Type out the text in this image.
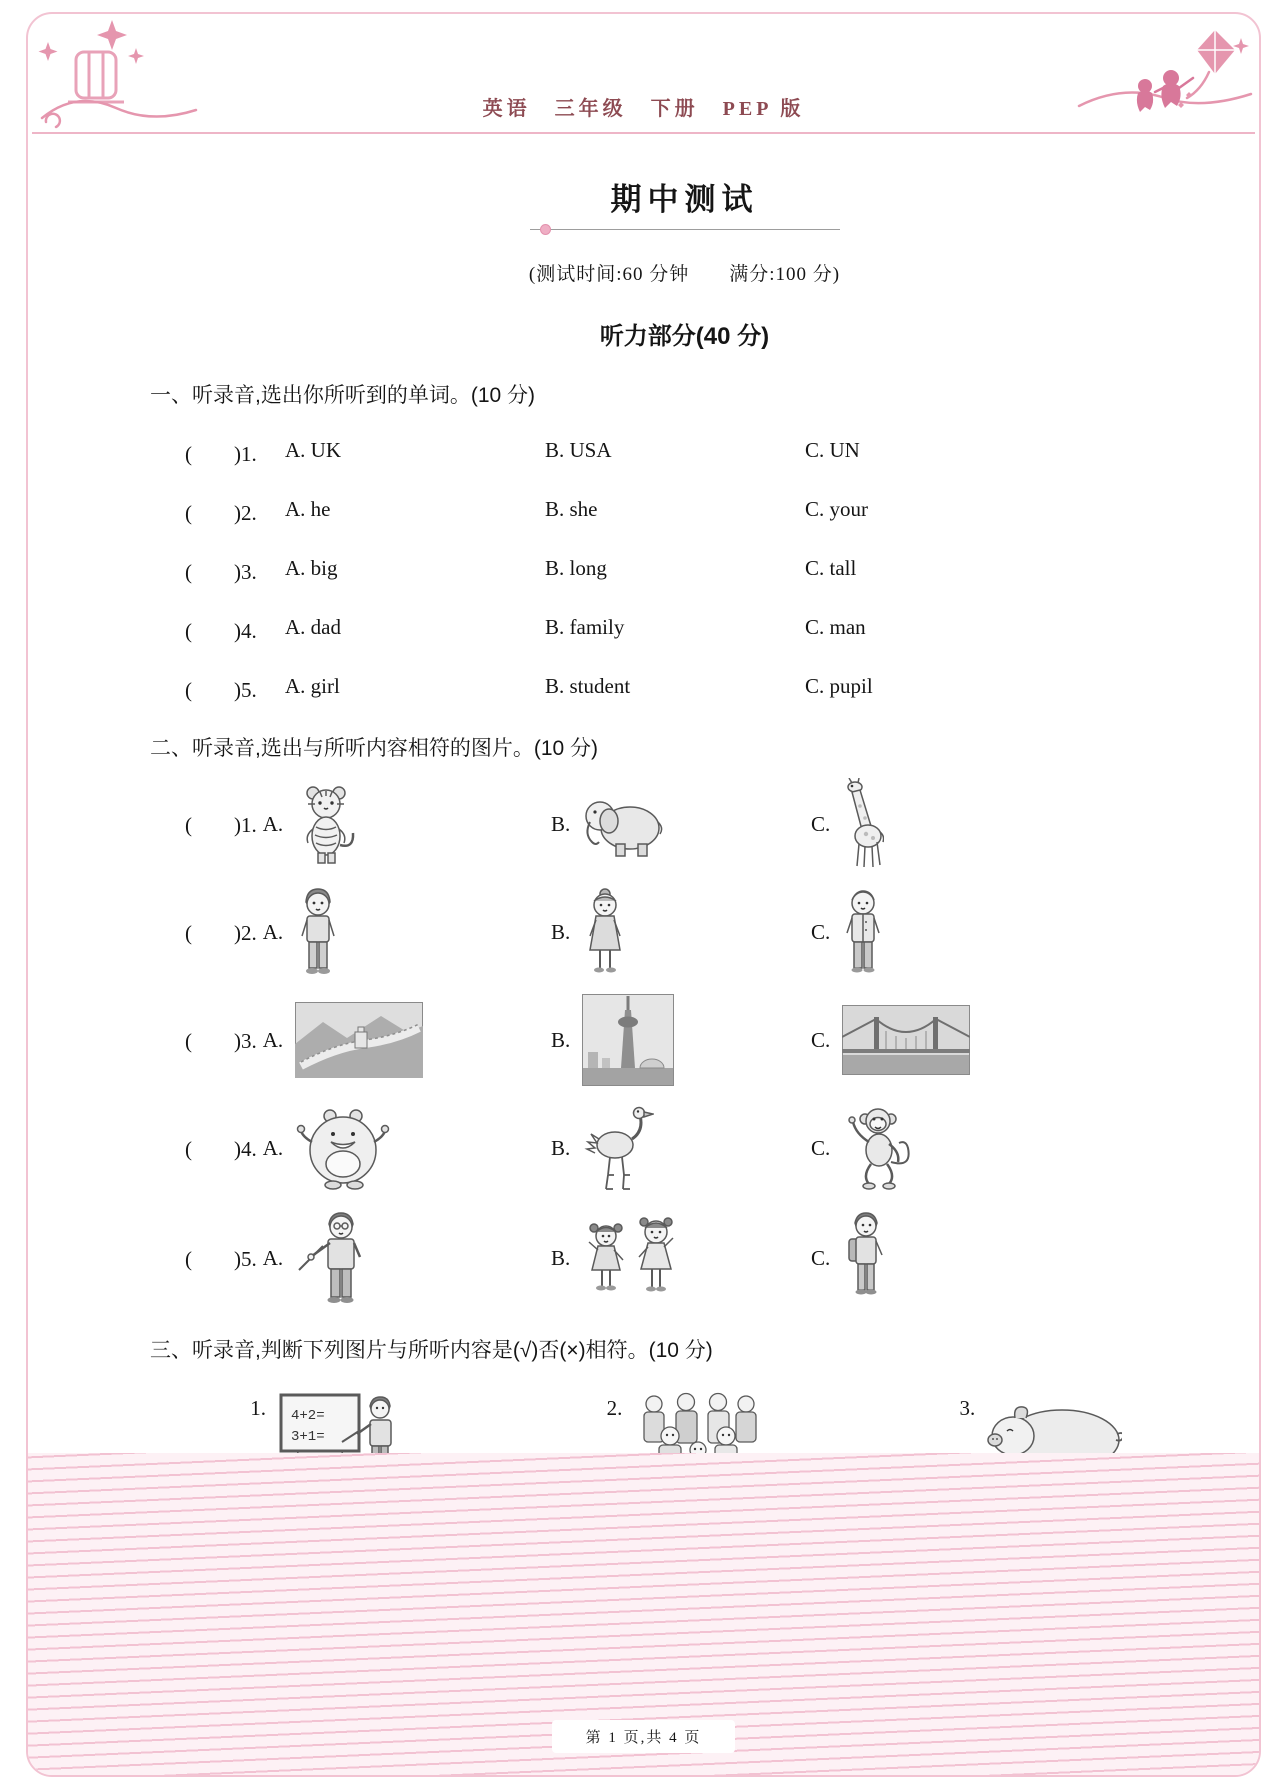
英语　三年级　下册　PEP 版
期中测试
(测试时间:60 分钟　　满分:100 分)
听力部分(40 分)
一、听录音,选出你所听到的单词。(10 分)
(　　)1.	A. UK	B. USA	C. UN
(　　)2.	A. he	B. she	C. your
(　　)3.	A. big	B. long	C. tall
(　　)4.	A. dad	B. family	C. man
(　　)5.	A. girl	B. student	C. pupil
二、听录音,选出与所听内容相符的图片。(10 分)
(　　)1. A.	B.	C.
(　　)2. A.	B.	C.
(　　)3. A.	B.	C.
(　　)4. A.	B.	C.
(　　)5. A.	B.	C.
三、听录音,判断下列图片与所听内容是(√)否(×)相符。(10 分)
1. 4+2=
3+1=
2.	3.
第 1 页,共 4 页
